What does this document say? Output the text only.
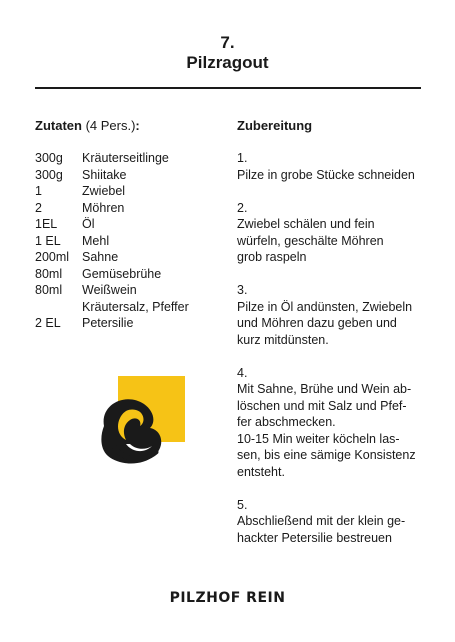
7.
Pilzragout
Zutaten (4 Pers.):
300g	Kräuterseitlinge
300g	Shiitake
1	Zwiebel
2	Möhren
1EL	Öl
1 EL	Mehl
200ml	Sahne
80ml	Gemüsebrühe
80ml	Weißwein
Kräutersalz, Pfeffer
2 EL	Petersilie
Zubereitung
1.
Pilze in grobe Stücke schneiden
2.
Zwiebel schälen und fein
würfeln, geschälte Möhren
grob raspeln
3.
Pilze in Öl andünsten, Zwiebeln
und Möhren dazu geben und
kurz mitdünsten.
4.
Mit Sahne, Brühe und Wein ab-
löschen und mit Salz und Pfef-
fer abschmecken.
10-15 Min weiter köcheln las-
sen, bis eine sämige Konsistenz
entsteht.
5.
Abschließend mit der klein ge-
hackter Petersilie bestreuen
PILZHOF REIN
